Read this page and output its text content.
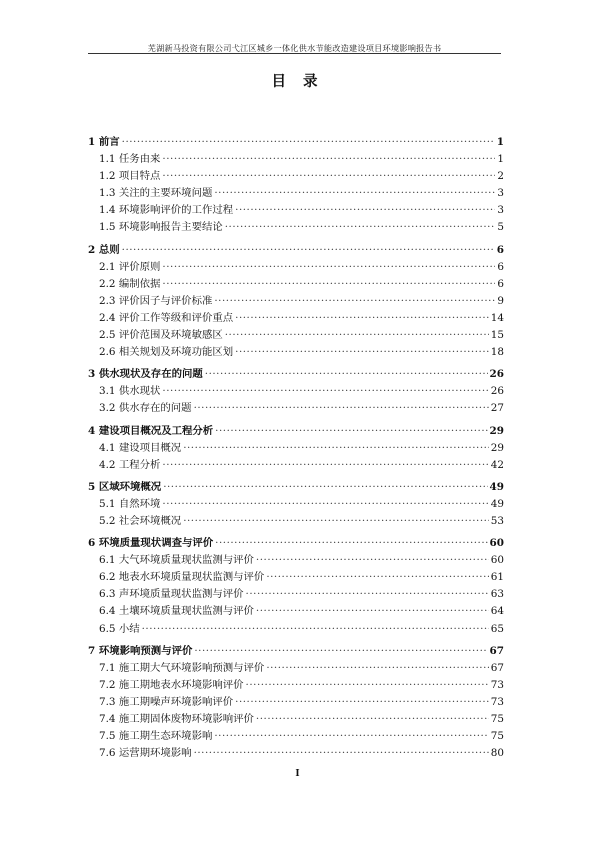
芜湖新马投资有限公司弋江区城乡一体化供水节能改造建设项目环境影响报告书
目 录
1 前言 ·····	1
1.1 任务由来 ·····	1
1.2 项目特点 ·····	2
1.3 关注的主要环境问题 ·····	3
1.4 环境影响评价的工作过程 ·····	3
1.5 环境影响报告主要结论 ·····	5
2 总则 ·····	6
2.1 评价原则 ·····	6
2.2 编制依据 ·····	6
2.3 评价因子与评价标准 ·····	9
2.4 评价工作等级和评价重点 ·····	14
2.5 评价范围及环境敏感区 ·····	15
2.6 相关规划及环境功能区划 ·····	18
3 供水现状及存在的问题 ·····	26
3.1 供水现状 ·····	26
3.2 供水存在的问题 ·····	27
4 建设项目概况及工程分析 ·····	29
4.1 建设项目概况 ·····	29
4.2 工程分析 ·····	42
5 区域环境概况 ·····	49
5.1 自然环境 ·····	49
5.2 社会环境概况 ·····	53
6 环境质量现状调查与评价 ·····	60
6.1 大气环境质量现状监测与评价 ·····	60
6.2 地表水环境质量现状监测与评价 ·····	61
6.3 声环境质量现状监测与评价 ·····	63
6.4 土壤环境质量现状监测与评价 ·····	64
6.5 小结 ·····	65
7 环境影响预测与评价 ·····	67
7.1 施工期大气环境影响预测与评价 ·····	67
7.2 施工期地表水环境影响评价 ·····	73
7.3 施工期噪声环境影响评价 ·····	73
7.4 施工期固体废物环境影响评价 ·····	75
7.5 施工期生态环境影响 ·····	75
7.6 运营期环境影响 ·····	80
I
